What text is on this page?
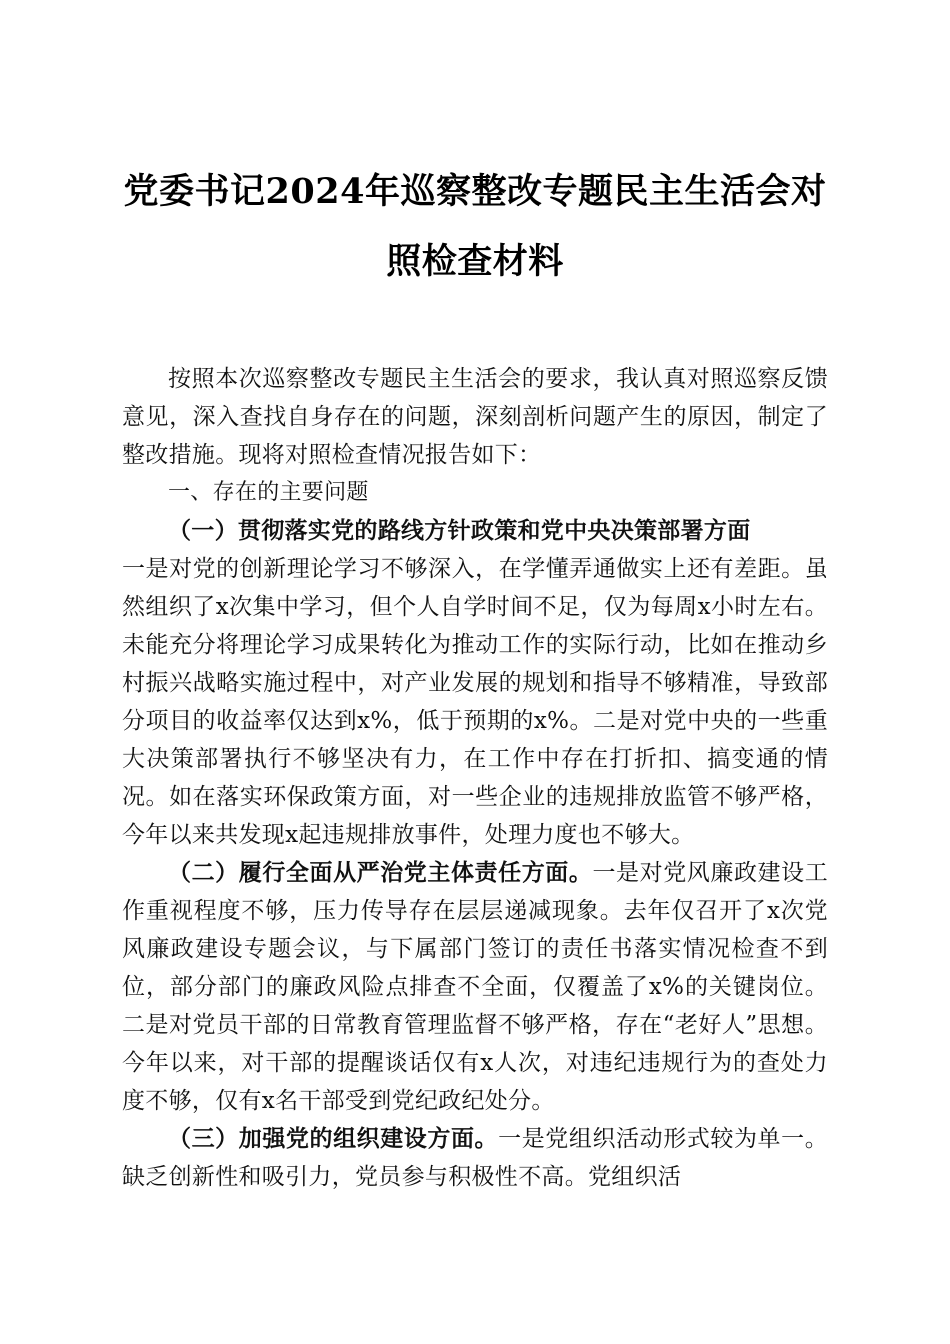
党委书记2024年巡察整改专题民主生活会对
照检查材料

按照本次巡察整改专题民主生活会的要求，我认真对照巡察反馈意见，深入查找自身存在的问题，深刻剖析问题产生的原因，制定了整改措施。现将对照检查情况报告如下：

一、存在的主要问题

（一）贯彻落实党的路线方针政策和党中央决策部署方面

一是对党的创新理论学习不够深入，在学懂弄通做实上还有差距。虽然组织了x次集中学习，但个人自学时间不足，仅为每周x小时左右。未能充分将理论学习成果转化为推动工作的实际行动，比如在推动乡村振兴战略实施过程中，对产业发展的规划和指导不够精准，导致部分项目的收益率仅达到x%，低于预期的x%。二是对党中央的一些重大决策部署执行不够坚决有力，在工作中存在打折扣、搞变通的情况。如在落实环保政策方面，对一些企业的违规排放监管不够严格，今年以来共发现x起违规排放事件，处理力度也不够大。

（二）履行全面从严治党主体责任方面。一是对党风廉政建设工作重视程度不够，压力传导存在层层递减现象。去年仅召开了x次党风廉政建设专题会议，与下属部门签订的责任书落实情况检查不到位，部分部门的廉政风险点排查不全面，仅覆盖了x%的关键岗位。二是对党员干部的日常教育管理监督不够严格，存在“老好人”思想。今年以来，对干部的提醒谈话仅有x人次，对违纪违规行为的查处力度不够，仅有x名干部受到党纪政纪处分。

（三）加强党的组织建设方面。一是党组织活动形式较为单一。缺乏创新性和吸引力，党员参与积极性不高。党组织活
